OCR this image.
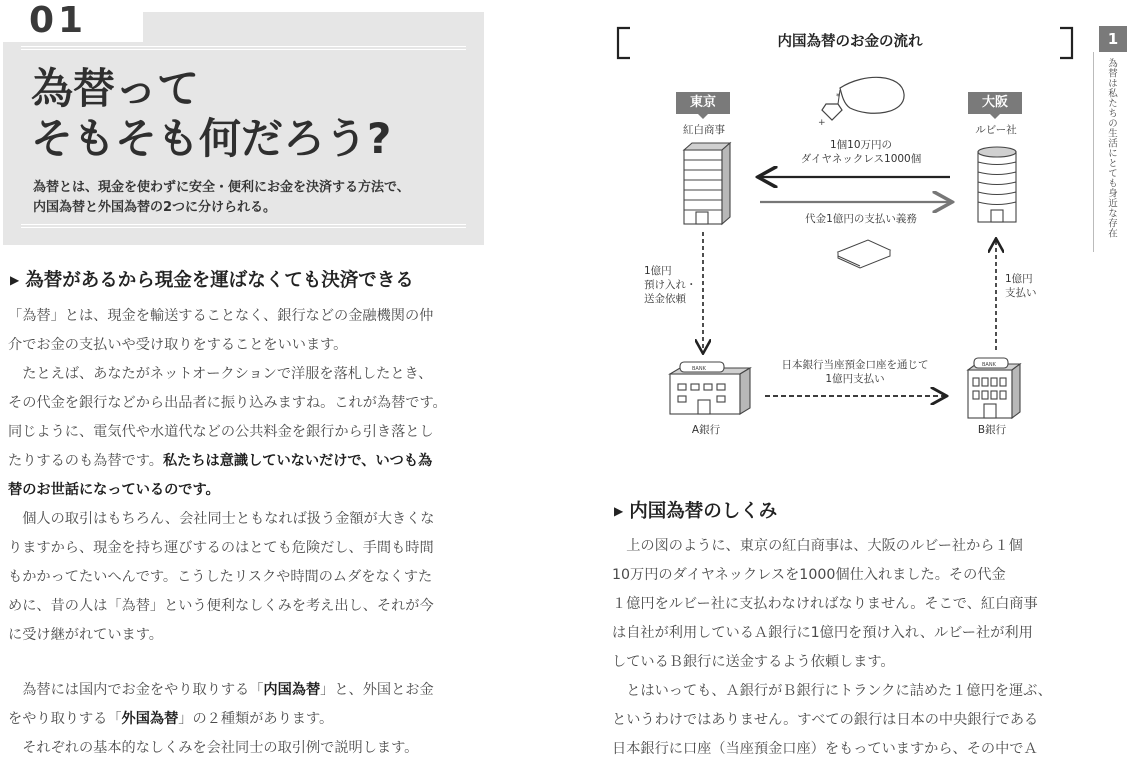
01
為替って
そもそも何だろう?
為替とは、現金を使わずに安全・便利にお金を決済する方法で、
内国為替と外国為替の2つに分けられる。
▶ 為替があるから現金を運ばなくても決済できる

「為替」とは、現金を輸送することなく、銀行などの金融機関の仲

介でお金の支払いや受け取りをすることをいいます。

　たとえば、あなたがネットオークションで洋服を落札したとき、

その代金を銀行などから出品者に振り込みますね。これが為替です。

同じように、電気代や水道代などの公共料金を銀行から引き落とし

たりするのも為替です。私たちは意識していないだけで、いつも為

替のお世話になっているのです。

　個人の取引はもちろん、会社同士ともなれば扱う金額が大きくな

りますから、現金を持ち運びするのはとても危険だし、手間も時間

もかかってたいへんです。こうしたリスクや時間のムダをなくすた

めに、昔の人は「為替」という便利なしくみを考え出し、それが今

に受け継がれています。

　為替には国内でお金をやり取りする「内国為替」と、外国とお金

をやり取りする「外国為替」の２種類があります。

　それぞれの基本的なしくみを会社同士の取引例で説明します。

+
*
BANK
BANK
内国為替のお金の流れ
東京	大阪
紅白商事	ルビー社
1個10万円の
ダイヤネックレス1000個
代金1億円の支払い義務
1億円
預け入れ・
送金依頼
1億円
支払い
日本銀行当座預金口座を通じて
1億円支払い
A銀行	B銀行
▶ 内国為替のしくみ

　上の図のように、東京の紅白商事は、大阪のルビー社から１個

10万円のダイヤネックレスを1000個仕入れました。その代金

１億円をルビー社に支払わなければなりません。そこで、紅白商事

は自社が利用しているＡ銀行に1億円を預け入れ、ルビー社が利用

しているＢ銀行に送金するよう依頼します。

　とはいっても、Ａ銀行がＢ銀行にトランクに詰めた１億円を運ぶ、

というわけではありません。すべての銀行は日本の中央銀行である

日本銀行に口座（当座預金口座）をもっていますから、その中でＡ

1
為替は私たちの生活にとても身近な存在
